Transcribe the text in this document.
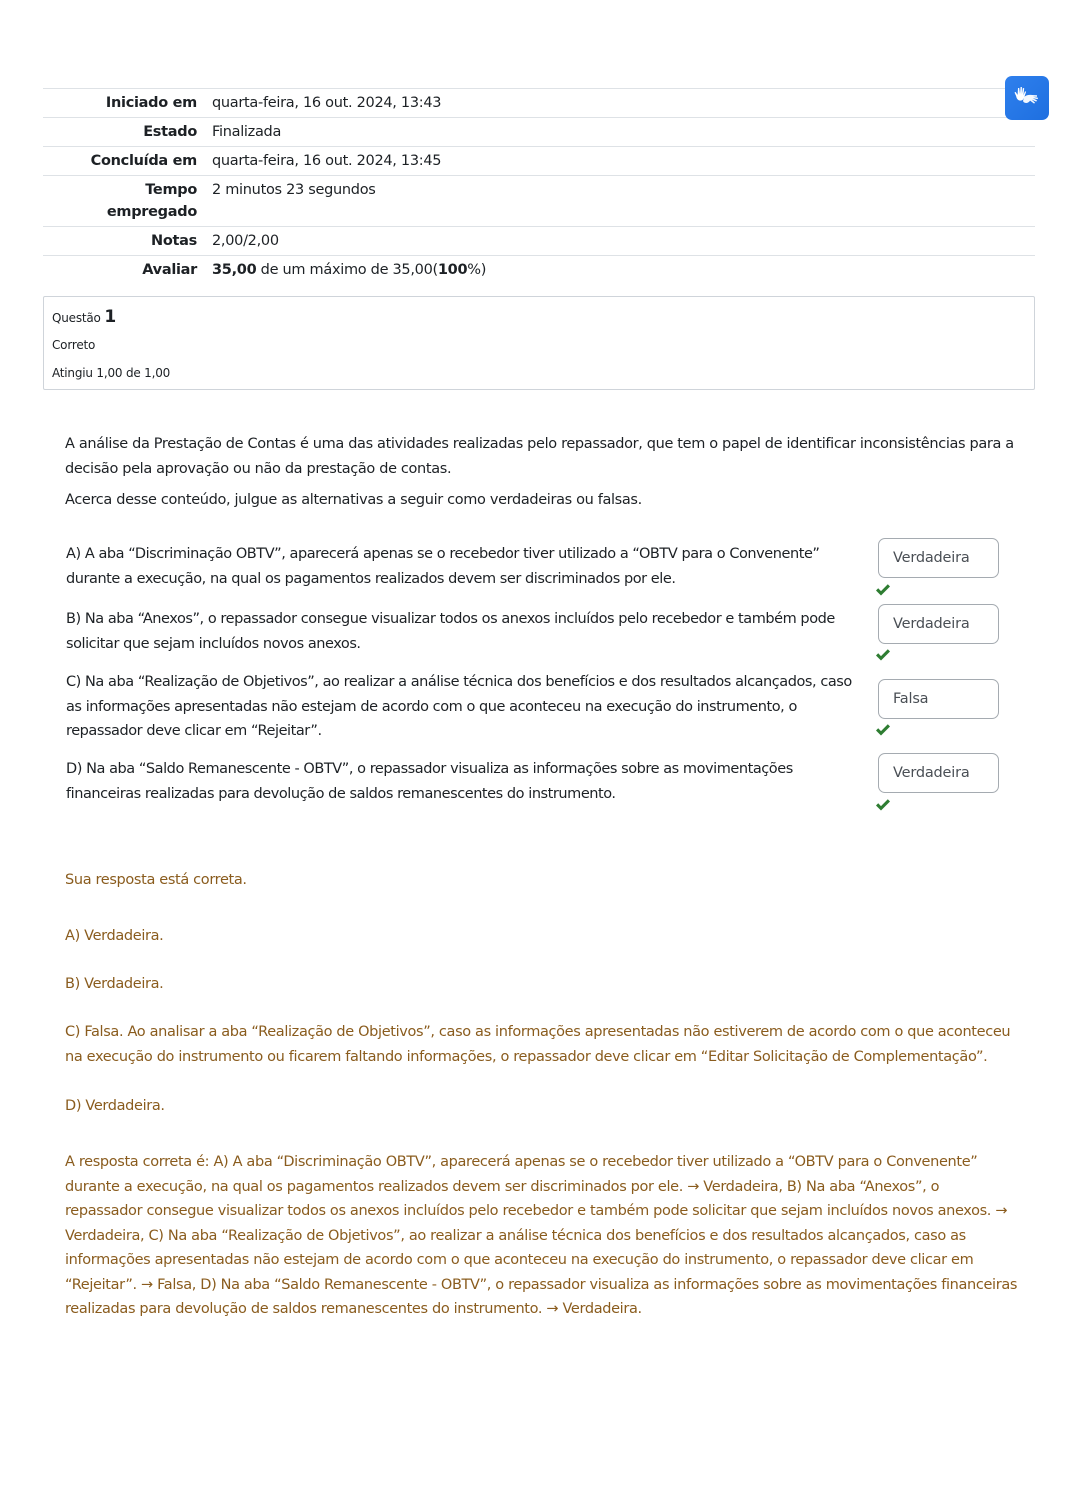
Iniciado em	quarta-feira, 16 out. 2024, 13:43
Estado	Finalizada
Concluída em	quarta-feira, 16 out. 2024, 13:45
Tempo empregado	2 minutos 23 segundos
Notas	2,00/2,00
Avaliar	35,00 de um máximo de 35,00(100%)
Questão 1
Correto
Atingiu 1,00 de 1,00

A análise da Prestação de Contas é uma das atividades realizadas pelo repassador, que tem o papel de identificar inconsistências para a decisão pela aprovação ou não da prestação de contas.

Acerca desse conteúdo, julgue as alternativas a seguir como verdadeiras ou falsas.

A) A aba “Discriminação OBTV”, aparecerá apenas se o recebedor tiver utilizado a “OBTV para o Convenente” durante a execução, na qual os pagamentos realizados devem ser discriminados por ele.
Verdadeira
B) Na aba “Anexos”, o repassador consegue visualizar todos os anexos incluídos pelo recebedor e também pode solicitar que sejam incluídos novos anexos.
Verdadeira
C) Na aba “Realização de Objetivos”, ao realizar a análise técnica dos benefícios e dos resultados alcançados, caso as informações apresentadas não estejam de acordo com o que aconteceu na execução do instrumento, o repassador deve clicar em “Rejeitar”.
Falsa
D) Na aba “Saldo Remanescente - OBTV”, o repassador visualiza as informações sobre as movimentações financeiras realizadas para devolução de saldos remanescentes do instrumento.
Verdadeira
Sua resposta está correta.
A) Verdadeira.
B) Verdadeira.
C) Falsa. Ao analisar a aba “Realização de Objetivos”, caso as informações apresentadas não estiverem de acordo com o que aconteceu na execução do instrumento ou ficarem faltando informações, o repassador deve clicar em “Editar Solicitação de Complementação”.
D) Verdadeira.
A resposta correta é: A) A aba “Discriminação OBTV”, aparecerá apenas se o recebedor tiver utilizado a “OBTV para o Convenente” durante a execução, na qual os pagamentos realizados devem ser discriminados por ele. → Verdadeira, B) Na aba “Anexos”, o repassador consegue visualizar todos os anexos incluídos pelo recebedor e também pode solicitar que sejam incluídos novos anexos. → Verdadeira, C) Na aba “Realização de Objetivos”, ao realizar a análise técnica dos benefícios e dos resultados alcançados, caso as informações apresentadas não estejam de acordo com o que aconteceu na execução do instrumento, o repassador deve clicar em “Rejeitar”. → Falsa, D) Na aba “Saldo Remanescente - OBTV”, o repassador visualiza as informações sobre as movimentações financeiras realizadas para devolução de saldos remanescentes do instrumento. → Verdadeira.
